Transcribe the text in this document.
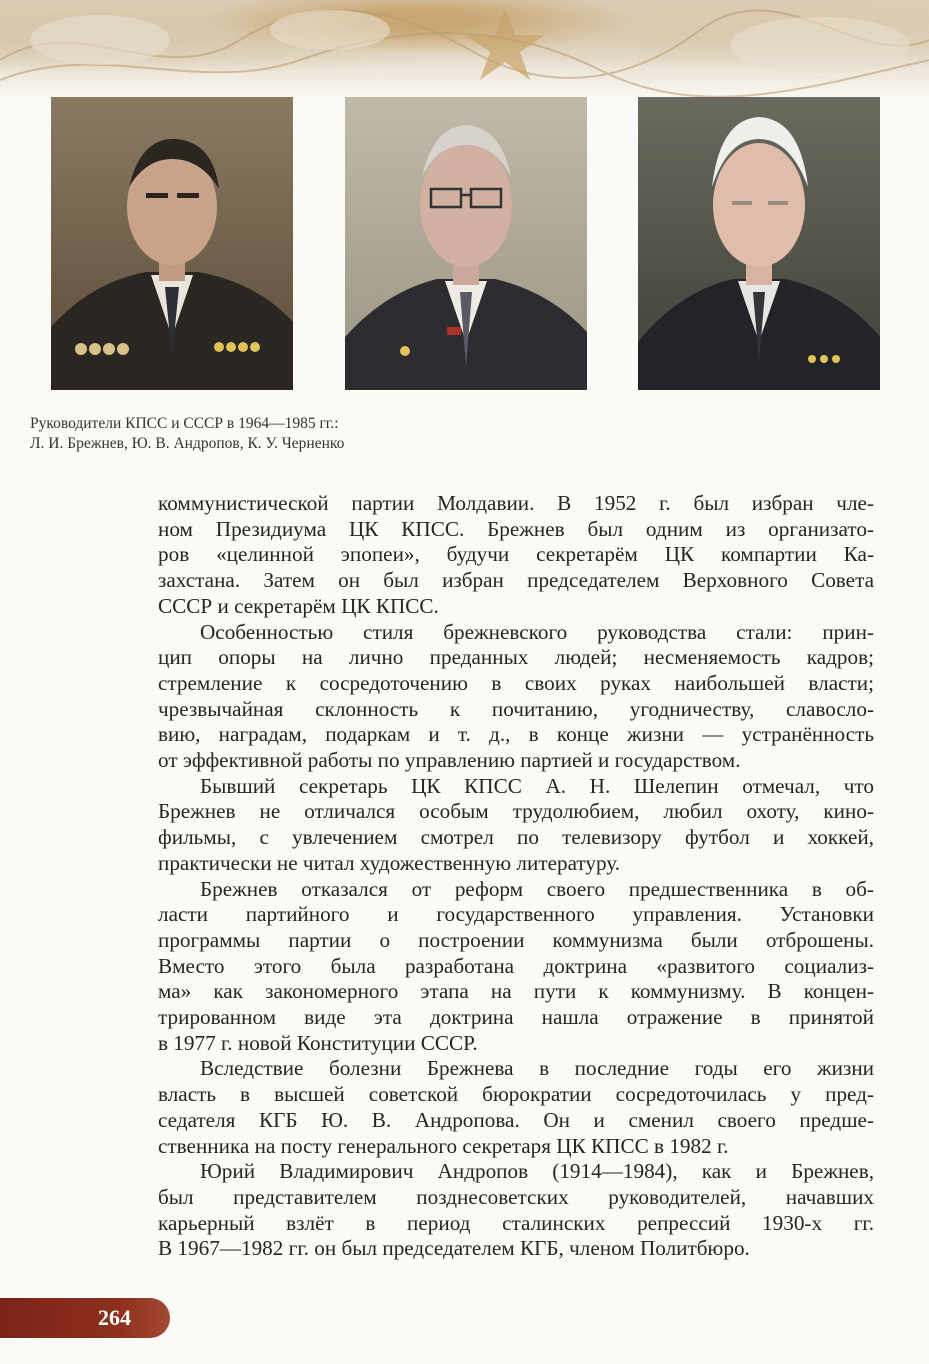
Руководители КПСС и СССР в 1964—1985 гг.:
Л. И. Брежнев, Ю. В. Андропов, К. У. Черненко
коммунистической партии Молдавии. В 1952 г. был избран чле-
ном Президиума ЦК КПСС. Брежнев был одним из организато-
ров «целинной эпопеи», будучи секретарём ЦК компартии Ка-
захстана. Затем он был избран председателем Верховного Совета
СССР и секретарём ЦК КПСС.
Особенностью стиля брежневского руководства стали: прин-
цип опоры на лично преданных людей; несменяемость кадров;
стремление к сосредоточению в своих руках наибольшей власти;
чрезвычайная склонность к почитанию, угодничеству, славосло-
вию, наградам, подаркам и т. д., в конце жизни — устранённость
от эффективной работы по управлению партией и государством.
Бывший секретарь ЦК КПСС А. Н. Шелепин отмечал, что
Брежнев не отличался особым трудолюбием, любил охоту, кино-
фильмы, с увлечением смотрел по телевизору футбол и хоккей,
практически не читал художественную литературу.
Брежнев отказался от реформ своего предшественника в об-
ласти партийного и государственного управления. Установки
программы партии о построении коммунизма были отброшены.
Вместо этого была разработана доктрина «развитого социализ-
ма» как закономерного этапа на пути к коммунизму. В концен-
трированном виде эта доктрина нашла отражение в принятой
в 1977 г. новой Конституции СССР.
Вследствие болезни Брежнева в последние годы его жизни
власть в высшей советской бюрократии сосредоточилась у пред-
седателя КГБ Ю. В. Андропова. Он и сменил своего предше-
ственника на посту генерального секретаря ЦК КПСС в 1982 г.
Юрий Владимирович Андропов (1914—1984), как и Брежнев,
был представителем позднесоветских руководителей, начавших
карьерный взлёт в период сталинских репрессий 1930-х гг.
В 1967—1982 гг. он был председателем КГБ, членом Политбюро.
264
